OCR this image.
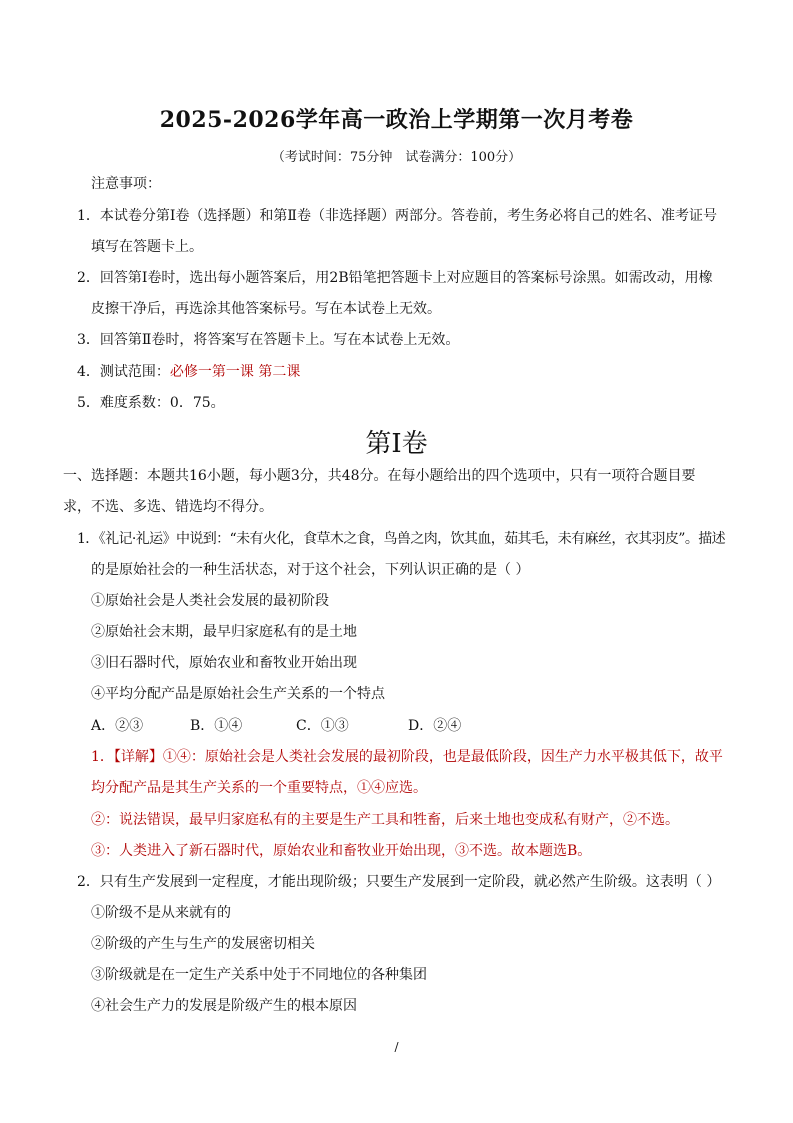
2025-2026学年高一政治上学期第一次月考卷
（考试时间：75分钟　试卷满分：100分）
注意事项：
1．本试卷分第Ⅰ卷（选择题）和第Ⅱ卷（非选择题）两部分。答卷前，考生务必将自己的姓名、准考证号
填写在答题卡上。
2．回答第Ⅰ卷时，选出每小题答案后，用2B铅笔把答题卡上对应题目的答案标号涂黑。如需改动，用橡
皮擦干净后，再选涂其他答案标号。写在本试卷上无效。
3．回答第Ⅱ卷时，将答案写在答题卡上。写在本试卷上无效。
4．测试范围：必修一第一课 第二课
5．难度系数：0．75。
第Ⅰ卷
一、选择题：本题共16小题，每小题3分，共48分。在每小题给出的四个选项中，只有一项符合题目要
求，不选、多选、错选均不得分。
1．《礼记·礼运》中说到：“未有火化，食草木之食，鸟兽之肉，饮其血，茹其毛，未有麻丝，衣其羽皮”。描述
的是原始社会的一种生活状态，对于这个社会，下列认识正确的是（ ）
①原始社会是人类社会发展的最初阶段
②原始社会末期，最早归家庭私有的是土地
③旧石器时代，原始农业和畜牧业开始出现
④平均分配产品是原始社会生产关系的一个特点
A．②③	B．①④	C．①③	D．②④
1．【详解】①④：原始社会是人类社会发展的最初阶段，也是最低阶段，因生产力水平极其低下，故平
均分配产品是其生产关系的一个重要特点，①④应选。
②：说法错误，最早归家庭私有的主要是生产工具和牲畜，后来土地也变成私有财产，②不选。
③：人类进入了新石器时代，原始农业和畜牧业开始出现，③不选。故本题选B。
2．只有生产发展到一定程度，才能出现阶级；只要生产发展到一定阶段，就必然产生阶级。这表明（ ）
①阶级不是从来就有的
②阶级的产生与生产的发展密切相关
③阶级就是在一定生产关系中处于不同地位的各种集团
④社会生产力的发展是阶级产生的根本原因
/
